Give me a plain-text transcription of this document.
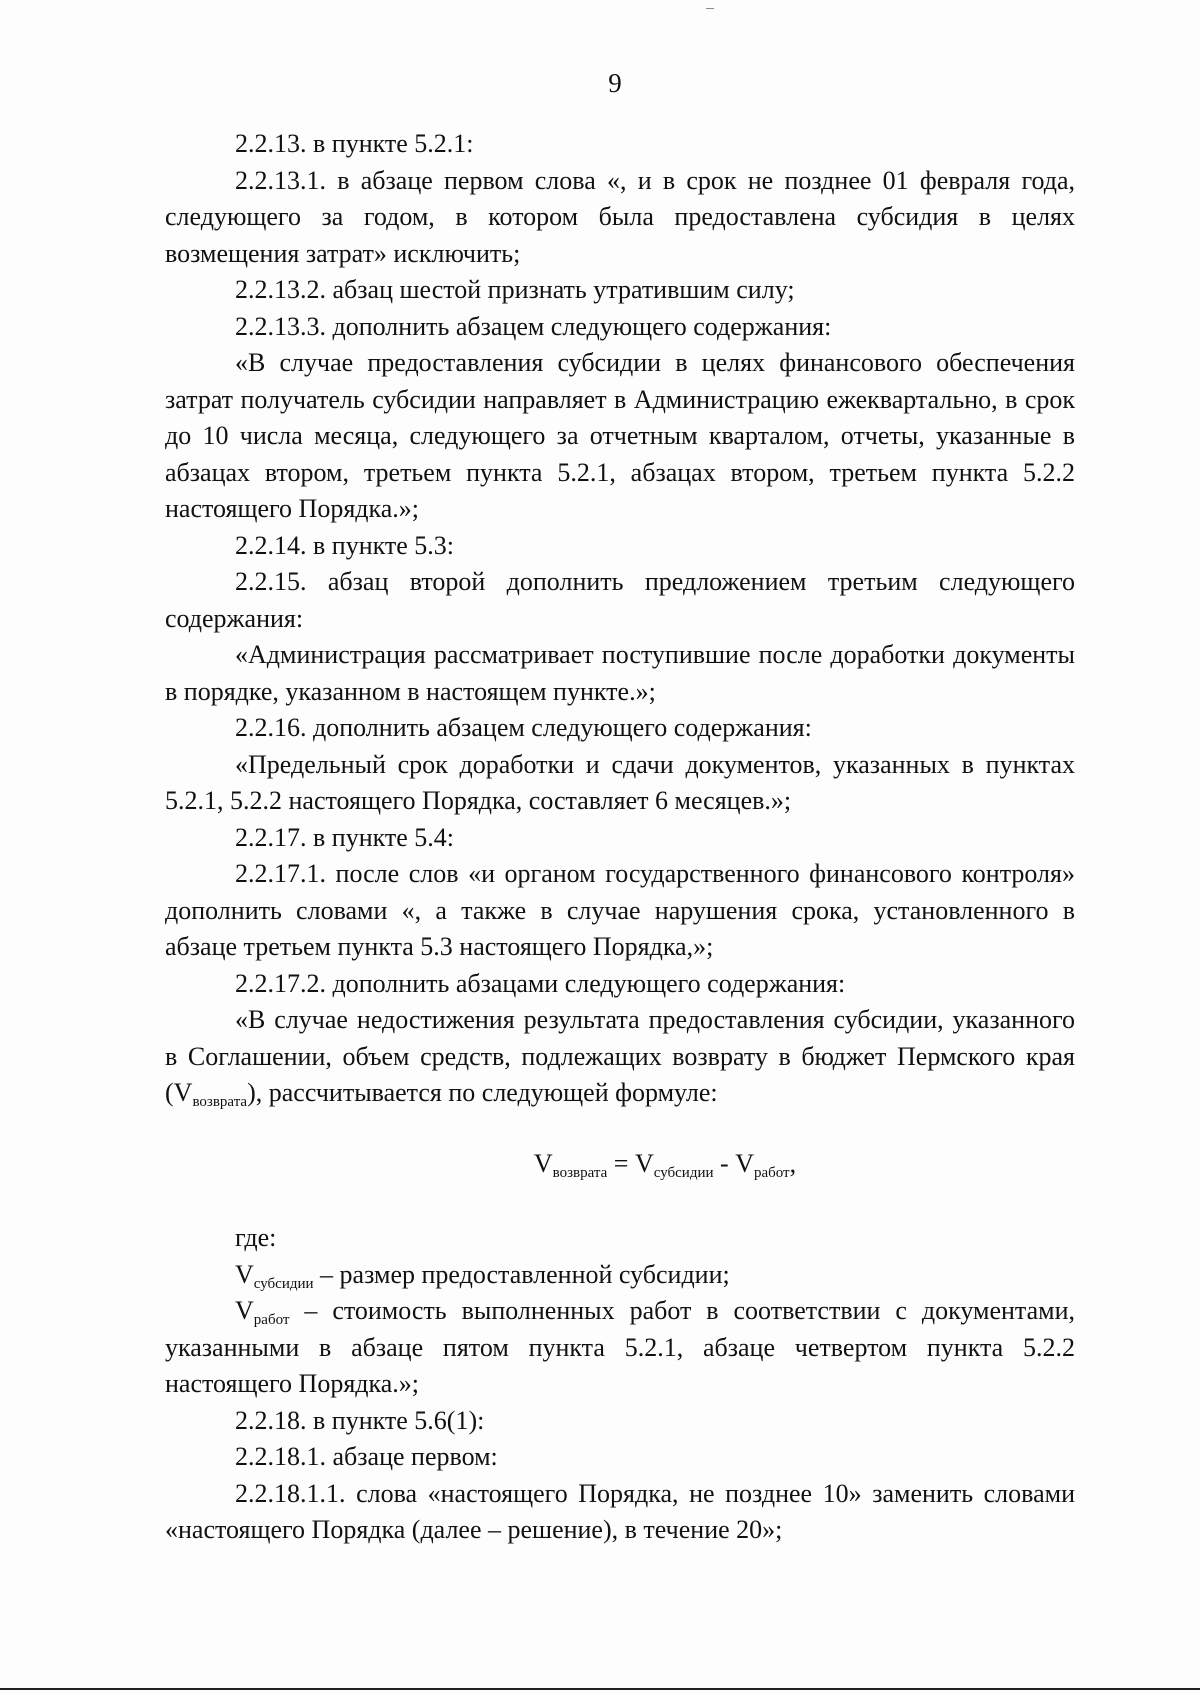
9

2.2.13. в пункте 5.2.1:

2.2.13.1. в абзаце первом слова «, и в срок не позднее 01 февраля года, следующего за годом, в котором была предоставлена субсидия в целях возмещения затрат» исключить;

2.2.13.2. абзац шестой признать утратившим силу;

2.2.13.3. дополнить абзацем следующего содержания:

«В случае предоставления субсидии в целях финансового обеспечения затрат получатель субсидии направляет в Администрацию ежеквартально, в срок до 10 числа месяца, следующего за отчетным кварталом, отчеты, указанные в абзацах втором, третьем пункта 5.2.1, абзацах втором, третьем пункта 5.2.2 настоящего Порядка.»;

2.2.14. в пункте 5.3:

2.2.15. абзац второй дополнить предложением третьим следующего содержания:

«Администрация рассматривает поступившие после доработки документы в порядке, указанном в настоящем пункте.»;

2.2.16. дополнить абзацем следующего содержания:

«Предельный срок доработки и сдачи документов, указанных в пунктах 5.2.1, 5.2.2 настоящего Порядка, составляет 6 месяцев.»;

2.2.17. в пункте 5.4:

2.2.17.1. после слов «и органом государственного финансового контроля» дополнить словами «, а также в случае нарушения срока, установленного в абзаце третьем пункта 5.3 настоящего Порядка,»;

2.2.17.2. дополнить абзацами следующего содержания:

«В случае недостижения результата предоставления субсидии, указанного в Соглашении, объем средств, подлежащих возврату в бюджет Пермского края $(V_{возврата})$, рассчитывается по следующей формуле:

$V_{возврата} = V_{субсидии} - V_{работ}$,

где:

$V_{субсидии}$ – размер предоставленной субсидии;

$V_{работ}$ – стоимость выполненных работ в соответствии с документами, указанными в абзаце пятом пункта 5.2.1, абзаце четвертом пункта 5.2.2 настоящего Порядка.»;

2.2.18. в пункте 5.6(1):

2.2.18.1. абзаце первом:

2.2.18.1.1. слова «настоящего Порядка, не позднее 10» заменить словами «настоящего Порядка (далее – решение), в течение 20»;
